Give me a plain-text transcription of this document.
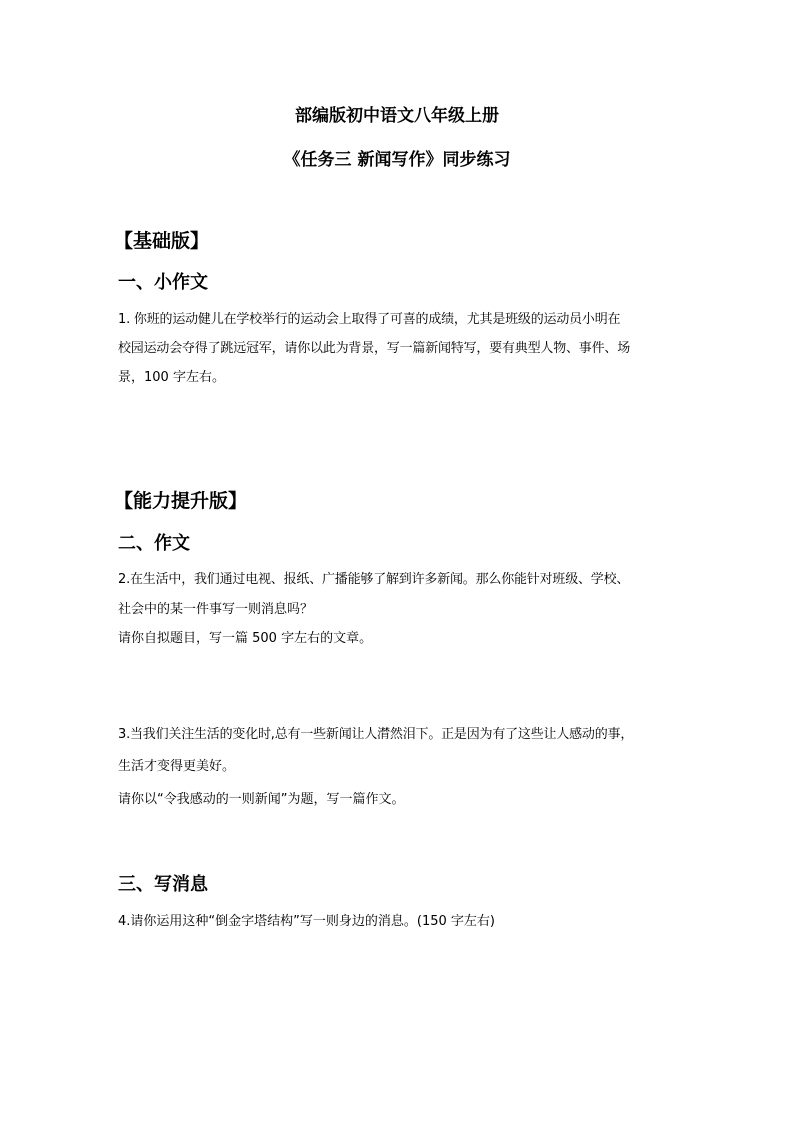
部编版初中语文八年级上册
《任务三 新闻写作》同步练习
【基础版】
一、小作文
1. 你班的运动健儿在学校举行的运动会上取得了可喜的成绩，尤其是班级的运动员小明在
校园运动会夺得了跳远冠军，请你以此为背景，写一篇新闻特写，要有典型人物、事件、场
景，100 字左右。
【能力提升版】
二、作文
2.在生活中，我们通过电视、报纸、广播能够了解到许多新闻。那么你能针对班级、学校、
社会中的某一件事写一则消息吗？
请你自拟题目，写一篇 500 字左右的文章。
3.当我们关注生活的变化时,总有一些新闻让人潸然泪下。正是因为有了这些让人感动的事，
生活才变得更美好。
请你以“令我感动的一则新闻”为题，写一篇作文。
三、写消息
4.请你运用这种“倒金字塔结构”写一则身边的消息。(150 字左右)
